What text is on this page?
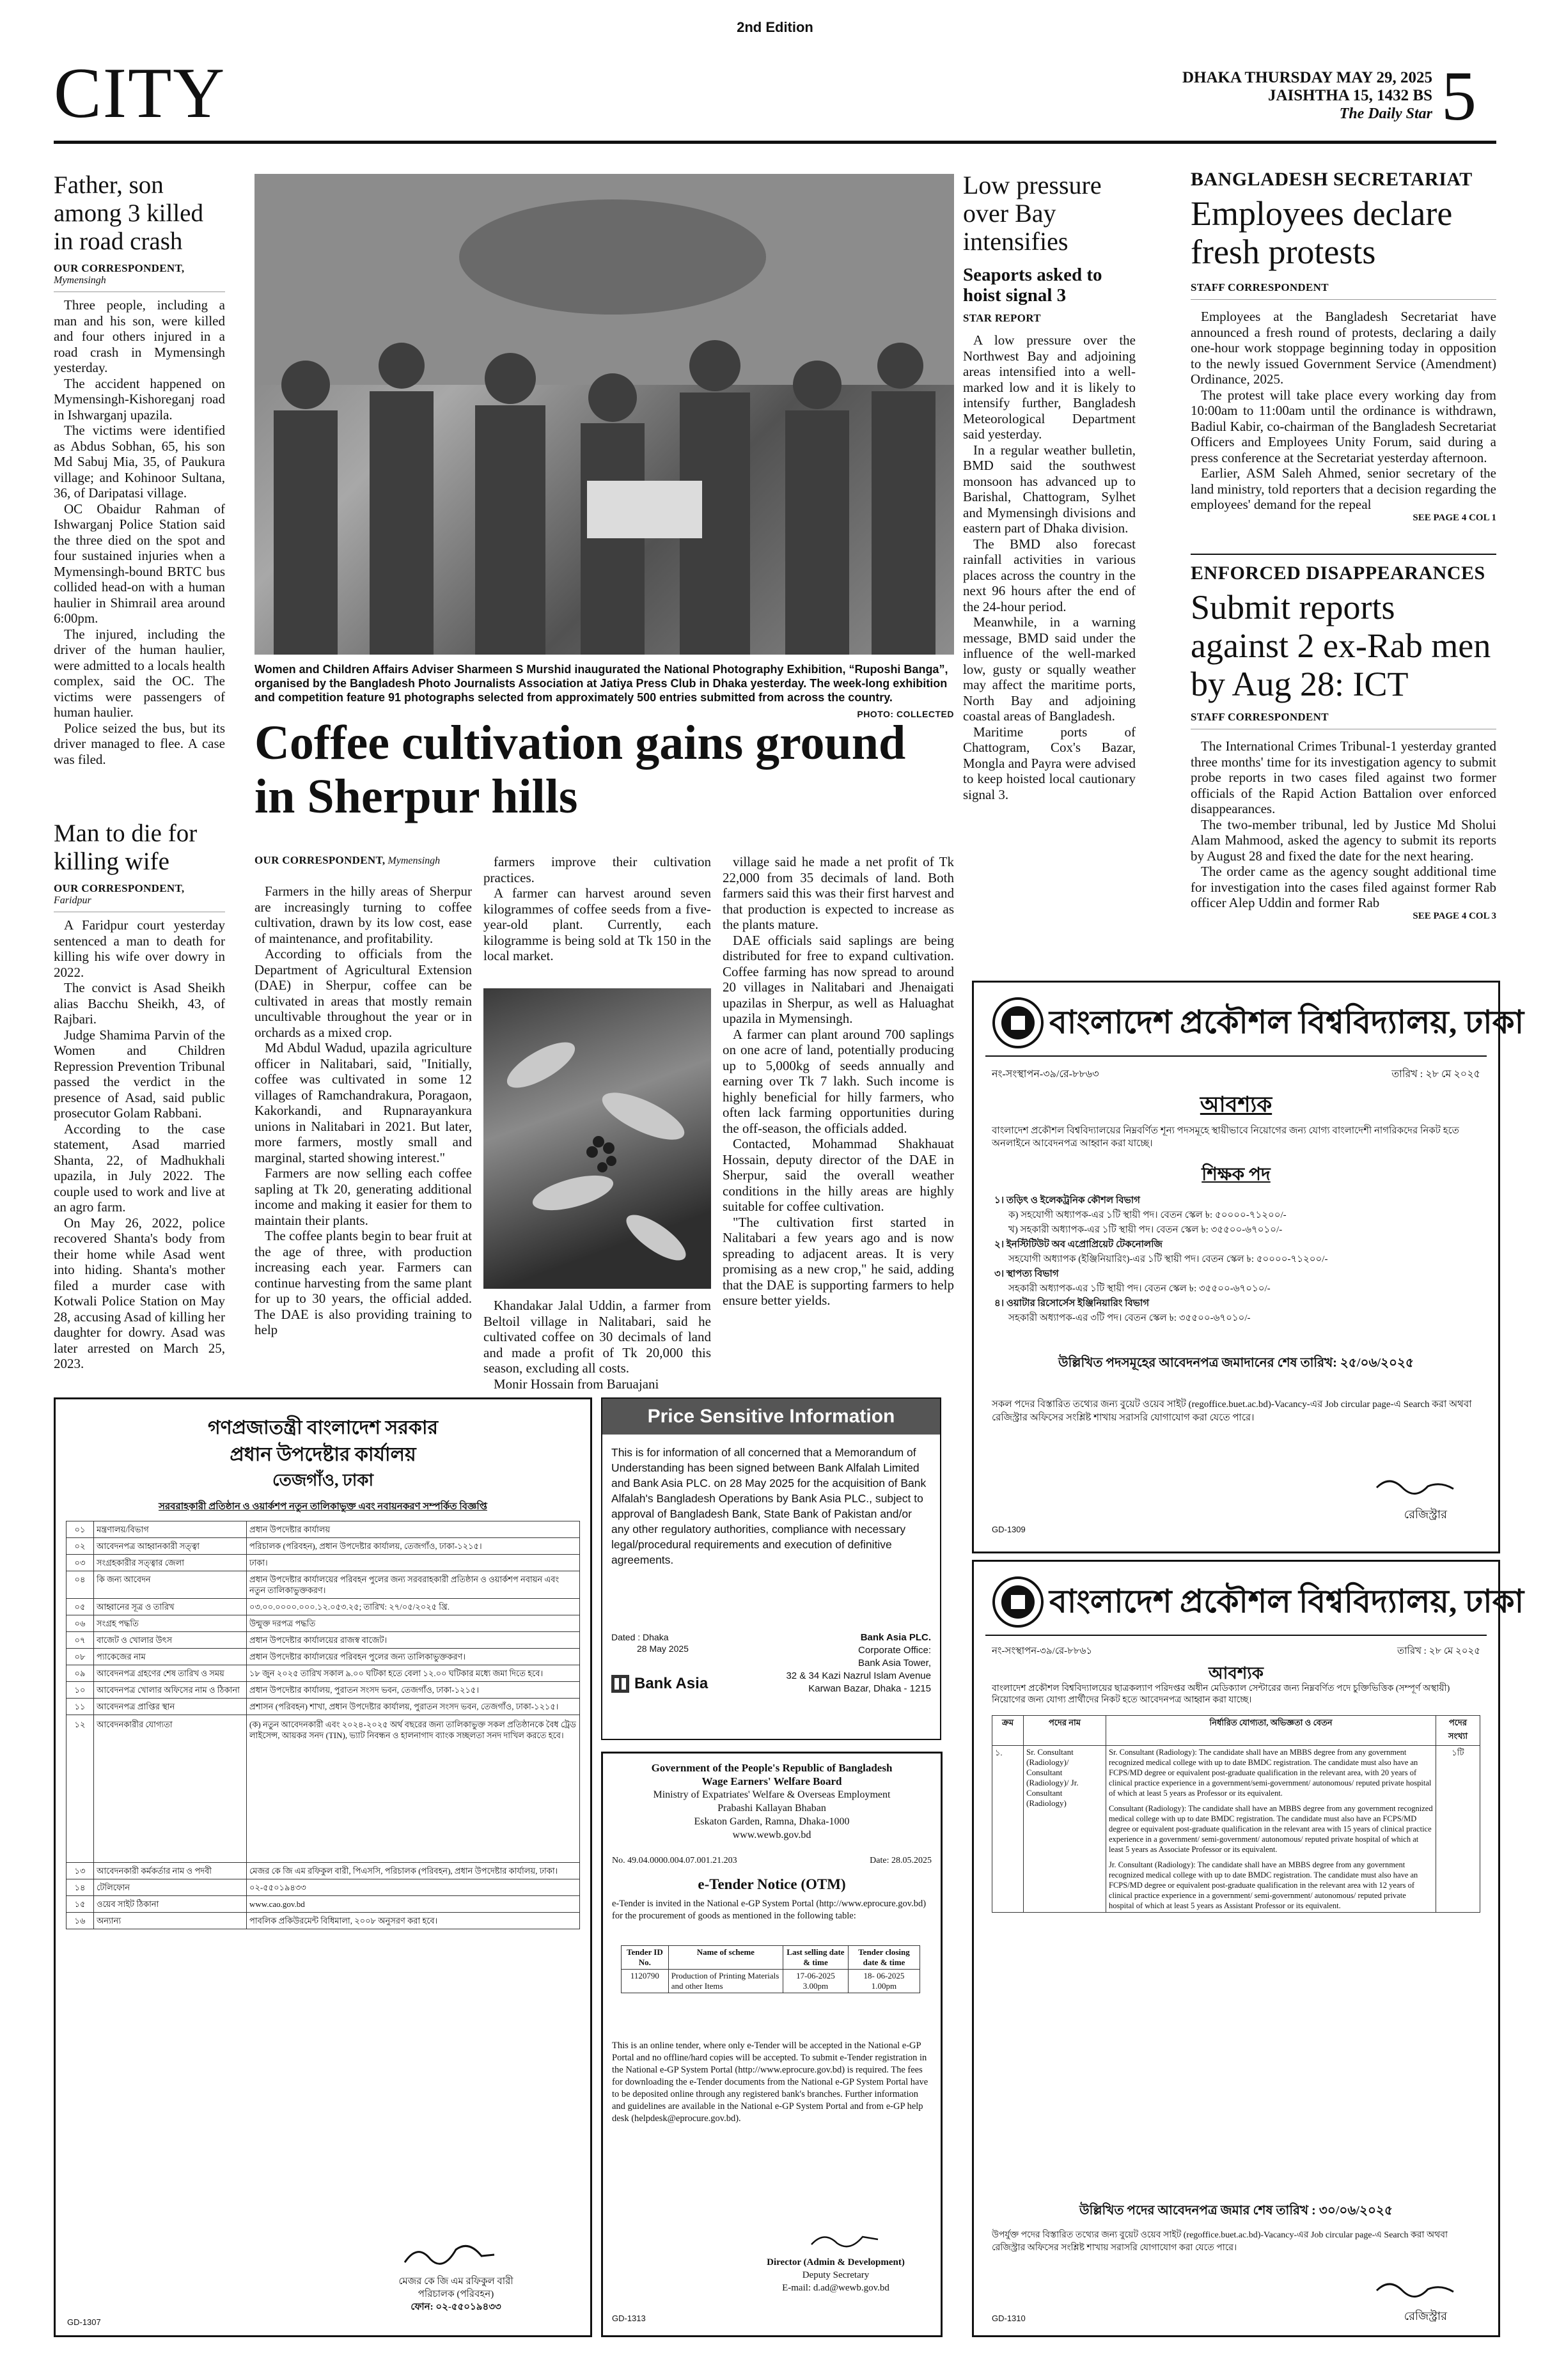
2nd Edition
CITY	DHAKA THURSDAY MAY 29, 2025
JAISHTHA 15, 1432 BS
The Daily Star 5
Father, son among 3 killed in road crash
OUR CORRESPONDENT,
Mymensingh

Three people, including a man and his son, were killed and four others injured in a road crash in Mymensingh yesterday.

The accident happened on Mymensingh-Kishoreganj road in Ishwarganj upazila.

The victims were identified as Abdus Sobhan, 65, his son Md Sabuj Mia, 35, of Paukura village; and Kohinoor Sultana, 36, of Daripatasi village.

OC Obaidur Rahman of Ishwarganj Police Station said the three died on the spot and four sustained injuries when a Mymensingh-bound BRTC bus collided head-on with a human haulier in Shimrail area around 6:00pm.

The injured, including the driver of the human haulier, were admitted to a locals health complex, said the OC. The victims were passengers of human haulier.

Police seized the bus, but its driver managed to flee. A case was filed.

Man to die for killing wife
OUR CORRESPONDENT,
Faridpur

A Faridpur court yesterday sentenced a man to death for killing his wife over dowry in 2022.

The convict is Asad Sheikh alias Bacchu Sheikh, 43, of Rajbari.

Judge Shamima Parvin of the Women and Children Repression Prevention Tribunal passed the verdict in the presence of Asad, said public prosecutor Golam Rabbani.

According to the case statement, Asad married Shanta, 22, of Madhukhali upazila, in July 2022. The couple used to work and live at an agro farm.

On May 26, 2022, police recovered Shanta's body from their home while Asad went into hiding. Shanta's mother filed a murder case with Kotwali Police Station on May 28, accusing Asad of killing her daughter for dowry. Asad was later arrested on March 25, 2023.

Women and Children Affairs Adviser Sharmeen S Murshid inaugurated the National Photography Exhibition, “Ruposhi Banga”, organised by the Bangladesh Photo Journalists Association at Jatiya Press Club in Dhaka yesterday. The week-long exhibition and competition feature 91 photographs selected from approximately 500 entries submitted from across the country.
PHOTO: COLLECTED
Coffee cultivation gains ground in Sherpur hills
OUR CORRESPONDENT, Mymensingh

Farmers in the hilly areas of Sherpur are increasingly turning to coffee cultivation, drawn by its low cost, ease of maintenance, and profitability.

According to officials from the Department of Agricultural Extension (DAE) in Sherpur, coffee can be cultivated in areas that mostly remain uncultivable throughout the year or in orchards as a mixed crop.

Md Abdul Wadud, upazila agriculture officer in Nalitabari, said, "Initially, coffee was cultivated in some 12 villages of Ramchandrakura, Poragaon, Kakorkandi, and Rupnarayankura unions in Nalitabari in 2021. But later, more farmers, mostly small and marginal, started showing interest."

Farmers are now selling each coffee sapling at Tk 20, generating additional income and making it easier for them to maintain their plants.

The coffee plants begin to bear fruit at the age of three, with production increasing each year. Farmers can continue harvesting from the same plant for up to 30 years, the official added. The DAE is also providing training to help

farmers improve their cultivation practices.

A farmer can harvest around seven kilogrammes of coffee seeds from a five-year-old plant. Currently, each kilogramme is being sold at Tk 150 in the local market.

Khandakar Jalal Uddin, a farmer from Beltoil village in Nalitabari, said he cultivated coffee on 30 decimals of land and made a profit of Tk 20,000 this season, excluding all costs.

Monir Hossain from Baruajani

village said he made a net profit of Tk 22,000 from 35 decimals of land. Both farmers said this was their first harvest and that production is expected to increase as the plants mature.

DAE officials said saplings are being distributed for free to expand cultivation. Coffee farming has now spread to around 20 villages in Nalitabari and Jhenaigati upazilas in Sherpur, as well as Haluaghat upazila in Mymensingh.

A farmer can plant around 700 saplings on one acre of land, potentially producing up to 5,000kg of seeds annually and earning over Tk 7 lakh. Such income is highly beneficial for hilly farmers, who often lack farming opportunities during the off-season, the officials added.

Contacted, Mohammad Shakhauat Hossain, deputy director of the DAE in Sherpur, said the overall weather conditions in the hilly areas are highly suitable for coffee cultivation.

"The cultivation first started in Nalitabari a few years ago and is now spreading to adjacent areas. It is very promising as a new crop," he said, adding that the DAE is supporting farmers to help ensure better yields.

Low pressure over Bay intensifies
Seaports asked to hoist signal 3
STAR REPORT

A low pressure over the Northwest Bay and adjoining areas intensified into a well-marked low and it is likely to intensify further, Bangladesh Meteorological Department said yesterday.

In a regular weather bulletin, BMD said the southwest monsoon has advanced up to Barishal, Chattogram, Sylhet and Mymensingh divisions and eastern part of Dhaka division.

The BMD also forecast rainfall activities in various places across the country in the next 96 hours after the end of the 24-hour period.

Meanwhile, in a warning message, BMD said under the influence of the well-marked low, gusty or squally weather may affect the maritime ports, North Bay and adjoining coastal areas of Bangladesh.

Maritime ports of Chattogram, Cox's Bazar, Mongla and Payra were advised to keep hoisted local cautionary signal 3.

BANGLADESH SECRETARIAT
Employees declare fresh protests
STAFF CORRESPONDENT

Employees at the Bangladesh Secretariat have announced a fresh round of protests, declaring a daily one-hour work stoppage beginning today in opposition to the newly issued Government Service (Amendment) Ordinance, 2025.

The protest will take place every working day from 10:00am to 11:00am until the ordinance is withdrawn, Badiul Kabir, co-chairman of the Bangladesh Secretariat Officers and Employees Unity Forum, said during a press conference at the Secretariat yesterday afternoon.

Earlier, ASM Saleh Ahmed, senior secretary of the land ministry, told reporters that a decision regarding the employees' demand for the repeal

SEE PAGE 4 COL 1
ENFORCED DISAPPEARANCES
Submit reports against 2 ex-Rab men by Aug 28: ICT
STAFF CORRESPONDENT

The International Crimes Tribunal-1 yesterday granted three months' time for its investigation agency to submit probe reports in two cases filed against two former officials of the Rapid Action Battalion over enforced disappearances.

The two-member tribunal, led by Justice Md Sholui Alam Mahmood, asked the agency to submit its reports by August 28 and fixed the date for the next hearing.

The order came as the agency sought additional time for investigation into the cases filed against former Rab officer Alep Uddin and former Rab

SEE PAGE 4 COL 3
বাংলাদেশ প্রকৌশল বিশ্ববিদ্যালয়, ঢাকা
নং-সংস্থাপন-৩৯/রে-৮৮৬৩	তারিখ : ২৮ মে ২০২৫
আবশ্যক
বাংলাদেশ প্রকৌশল বিশ্ববিদ্যালয়ের নিম্নবর্ণিত শূন্য পদসমূহে স্থায়ীভাবে নিয়োগের জন্য যোগ্য বাংলাদেশী নাগরিকদের নিকট হতে অনলাইনে আবেদনপত্র আহ্বান করা যাচ্ছে।
শিক্ষক পদ
১। তড়িৎ ও ইলেকট্রনিক কৌশল বিভাগ
ক) সহযোগী অধ্যাপক-এর ১টি স্থায়ী পদ। বেতন স্কেল ৳: ৫০০০০-৭১২০০/-
খ) সহকারী অধ্যাপক-এর ১টি স্থায়ী পদ। বেতন স্কেল ৳: ৩৫৫০০-৬৭০১০/-
২। ইনস্টিটিউট অব এপ্রোপ্রিয়েট টেকনোলজি
সহযোগী অধ্যাপক (ইঞ্জিনিয়ারিং)-এর ১টি স্থায়ী পদ। বেতন স্কেল ৳: ৫০০০০-৭১২০০/-
৩। স্থাপত্য বিভাগ
সহকারী অধ্যাপক-এর ১টি স্থায়ী পদ। বেতন স্কেল ৳: ৩৫৫০০-৬৭০১০/-
৪। ওয়াটার রিসোর্সেস ইঞ্জিনিয়ারিং বিভাগ
সহকারী অধ্যাপক-এর ৩টি পদ। বেতন স্কেল ৳: ৩৫৫০০-৬৭০১০/-
উল্লিখিত পদসমূহের আবেদনপত্র জমাদানের শেষ তারিখ: ২৫/০৬/২০২৫
সকল পদের বিস্তারিত তথ্যের জন্য বুয়েট ওয়েব সাইট (regoffice.buet.ac.bd)-Vacancy-এর Job circular page-এ Search করা অথবা রেজিস্ট্রার অফিসের সংশ্লিষ্ট শাখায় সরাসরি যোগাযোগ করা যেতে পারে।
রেজিস্ট্রার
GD-1309
বাংলাদেশ প্রকৌশল বিশ্ববিদ্যালয়, ঢাকা
নং-সংস্থাপন-৩৯/রে-৮৮৬১	তারিখ : ২৮ মে ২০২৫
আবশ্যক
বাংলাদেশ প্রকৌশল বিশ্ববিদ্যালয়ের ছাত্রকল্যাণ পরিদপ্তর অধীন মেডিক্যাল সেন্টারের জন্য নিম্নবর্ণিত পদে চুক্তিভিত্তিক (সম্পূর্ণ অস্থায়ী) নিয়োগের জন্য যোগ্য প্রার্থীদের নিকট হতে আবেদনপত্র আহ্বান করা যাচ্ছে।
ক্রম	পদের নাম	নির্ধারিত যোগ্যতা, অভিজ্ঞতা ও বেতন	পদের সংখ্যা
১.	Sr. Consultant (Radiology)/ Consultant (Radiology)/ Jr. Consultant (Radiology)	Sr. Consultant (Radiology): The candidate shall have an MBBS degree from any government recognized medical college with up to date BMDC registration. The candidate must also have an FCPS/MD degree or equivalent post-graduate qualification in the relevant area, with 20 years of clinical practice experience in a government/semi-government/ autonomous/ reputed private hospital of which at least 5 years as Professor or its equivalent.
Consultant (Radiology): The candidate shall have an MBBS degree from any government recognized medical college with up to date BMDC registration. The candidate must also have an FCPS/MD degree or equivalent post-graduate qualification in the relevant area with 15 years of clinical practice experience in a government/ semi-government/ autonomous/ reputed private hospital of which at least 5 years as Associate Professor or its equivalent.
Jr. Consultant (Radiology): The candidate shall have an MBBS degree from any government recognized medical college with up to date BMDC registration. The candidate must also have an FCPS/MD degree or equivalent post-graduate qualification in the relevant area with 12 years of clinical practice experience in a government/ semi-government/ autonomous/ reputed private hospital of which at least 5 years as Assistant Professor or its equivalent.	১টি
উল্লিখিত পদের আবেদনপত্র জমার শেষ তারিখ : ৩০/০৬/২০২৫
উপর্যুক্ত পদের বিস্তারিত তথ্যের জন্য বুয়েট ওয়েব সাইট (regoffice.buet.ac.bd)-Vacancy-এর Job circular page-এ Search করা অথবা রেজিস্ট্রার অফিসের সংশ্লিষ্ট শাখায় সরাসরি যোগাযোগ করা যেতে পারে।
রেজিস্ট্রার
GD-1310
গণপ্রজাতন্ত্রী বাংলাদেশ সরকার
প্রধান উপদেষ্টার কার্যালয়
তেজগাঁও, ঢাকা
সরবরাহকারী প্রতিষ্ঠান ও ওয়ার্কশপ নতুন তালিকাভুক্ত এবং নবায়নকরণ সম্পর্কিত বিজ্ঞপ্তি
০১	মন্ত্রণালয়/বিভাগ	প্রধান উপদেষ্টার কার্যালয়
০২	আবেদনপত্র আহ্বানকারী সত্ত্বা	পরিচালক (পরিবহন), প্রধান উপদেষ্টার কার্যালয়, তেজগাঁও, ঢাকা-১২১৫।
০৩	সংগ্রহকারীর সত্ত্বার জেলা	ঢাকা।
০৪	কি জন্য আবেদন	প্রধান উপদেষ্টার কার্যালয়ের পরিবহন পুলের জন্য সরবরাহকারী প্রতিষ্ঠান ও ওয়ার্কশপ নবায়ন এবং নতুন তালিকাভুক্তকরণ।
০৫	আহ্বানের সূত্র ও তারিখ	০৩.০০.০০০০.০০০.১২.০৫৩.২৫; তারিখ: ২৭/০৫/২০২৫ খ্রি.
০৬	সংগ্রহ পদ্ধতি	উন্মুক্ত দরপত্র পদ্ধতি
০৭	বাজেট ও খোলার উৎস	প্রধান উপদেষ্টার কার্যালয়ের রাজস্ব বাজেট।
০৮	প্যাকেজের নাম	প্রধান উপদেষ্টার কার্যালয়ের পরিবহন পুলের জন্য তালিকাভুক্তকরণ।
০৯	আবেদনপত্র গ্রহণের শেষ তারিখ ও সময়	১৮ জুন ২০২৫ তারিখ সকাল ৯.০০ ঘটিকা হতে বেলা ১২.০০ ঘটিকার মধ্যে জমা দিতে হবে।
১০	আবেদনপত্র খোলার অফিসের নাম ও ঠিকানা	প্রধান উপদেষ্টার কার্যালয়, পুরাতন সংসদ ভবন, তেজগাঁও, ঢাকা-১২১৫।
১১	আবেদনপত্র প্রাপ্তির স্থান	প্রশাসন (পরিবহন) শাখা, প্রধান উপদেষ্টার কার্যালয়, পুরাতন সংসদ ভবন, তেজগাঁও, ঢাকা-১২১৫।
১২	আবেদনকারীর যোগ্যতা	(ক) নতুন আবেদনকারী এবং ২০২৪-২০২৫ অর্থ বছরের জন্য তালিকাভুক্ত সকল প্রতিষ্ঠানকে বৈধ ট্রেড লাইসেন্স, আয়কর সনদ (TIN), ভ্যাট নিবন্ধন ও হালনাগাদ ব্যাংক সচ্ছলতা সনদ দাখিল করতে হবে।
১৩	আবেদনকারী কর্মকর্তার নাম ও পদবী	মেজর কে জি এম রফিকুল বারী, পিএসসি, পরিচালক (পরিবহন), প্রধান উপদেষ্টার কার্যালয়, ঢাকা।
১৪	টেলিফোন	০২-৫৫০১৯৪৩৩
১৫	ওয়েব সাইট ঠিকানা	www.cao.gov.bd
১৬	অন্যান্য	পাবলিক প্রকিউরমেন্ট বিধিমালা, ২০০৮ অনুসরণ করা হবে।
মেজর কে জি এম রফিকুল বারী
পরিচালক (পরিবহন)
ফোন: ০২-৫৫০১৯৪৩৩
GD-1307
Price Sensitive Information
This is for information of all concerned that a Memorandum of Understanding has been signed between Bank Alfalah Limited and Bank Asia PLC. on 28 May 2025 for the acquisition of Bank Alfalah's Bangladesh Operations by Bank Asia PLC., subject to approval of Bangladesh Bank, State Bank of Pakistan and/or any other regulatory authorities, compliance with necessary legal/procedural requirements and execution of definitive agreements.
Dated : Dhaka
28 May 2025
Bank Asia
Bank Asia PLC.
Corporate Office:
Bank Asia Tower,
32 & 34 Kazi Nazrul Islam Avenue
Karwan Bazar, Dhaka - 1215
Government of the People's Republic of Bangladesh
Wage Earners' Welfare Board
Ministry of Expatriates' Welfare & Overseas Employment
Prabashi Kallayan Bhaban
Eskaton Garden, Ramna, Dhaka-1000
www.wewb.gov.bd
No. 49.04.0000.004.07.001.21.203	Date: 28.05.2025
e-Tender Notice (OTM)
e-Tender is invited in the National e-GP System Portal (http://www.eprocure.gov.bd) for the procurement of goods as mentioned in the following table:
Tender ID No.	Name of scheme	Last selling date & time	Tender closing date & time
1120790	Production of Printing Materials and other Items	17-06-2025 3.00pm	18- 06-2025 1.00pm
This is an online tender, where only e-Tender will be accepted in the National e-GP Portal and no offline/hard copies will be accepted. To submit e-Tender registration in the National e-GP System Portal (http://www.eprocure.gov.bd) is required. The fees for downloading the e-Tender documents from the National e-GP System Portal have to be deposited online through any registered bank's branches. Further information and guidelines are available in the National e-GP System Portal and from e-GP help desk (helpdesk@eprocure.gov.bd).
Director (Admin & Development)
Deputy Secretary
E-mail: d.ad@wewb.gov.bd
GD-1313
